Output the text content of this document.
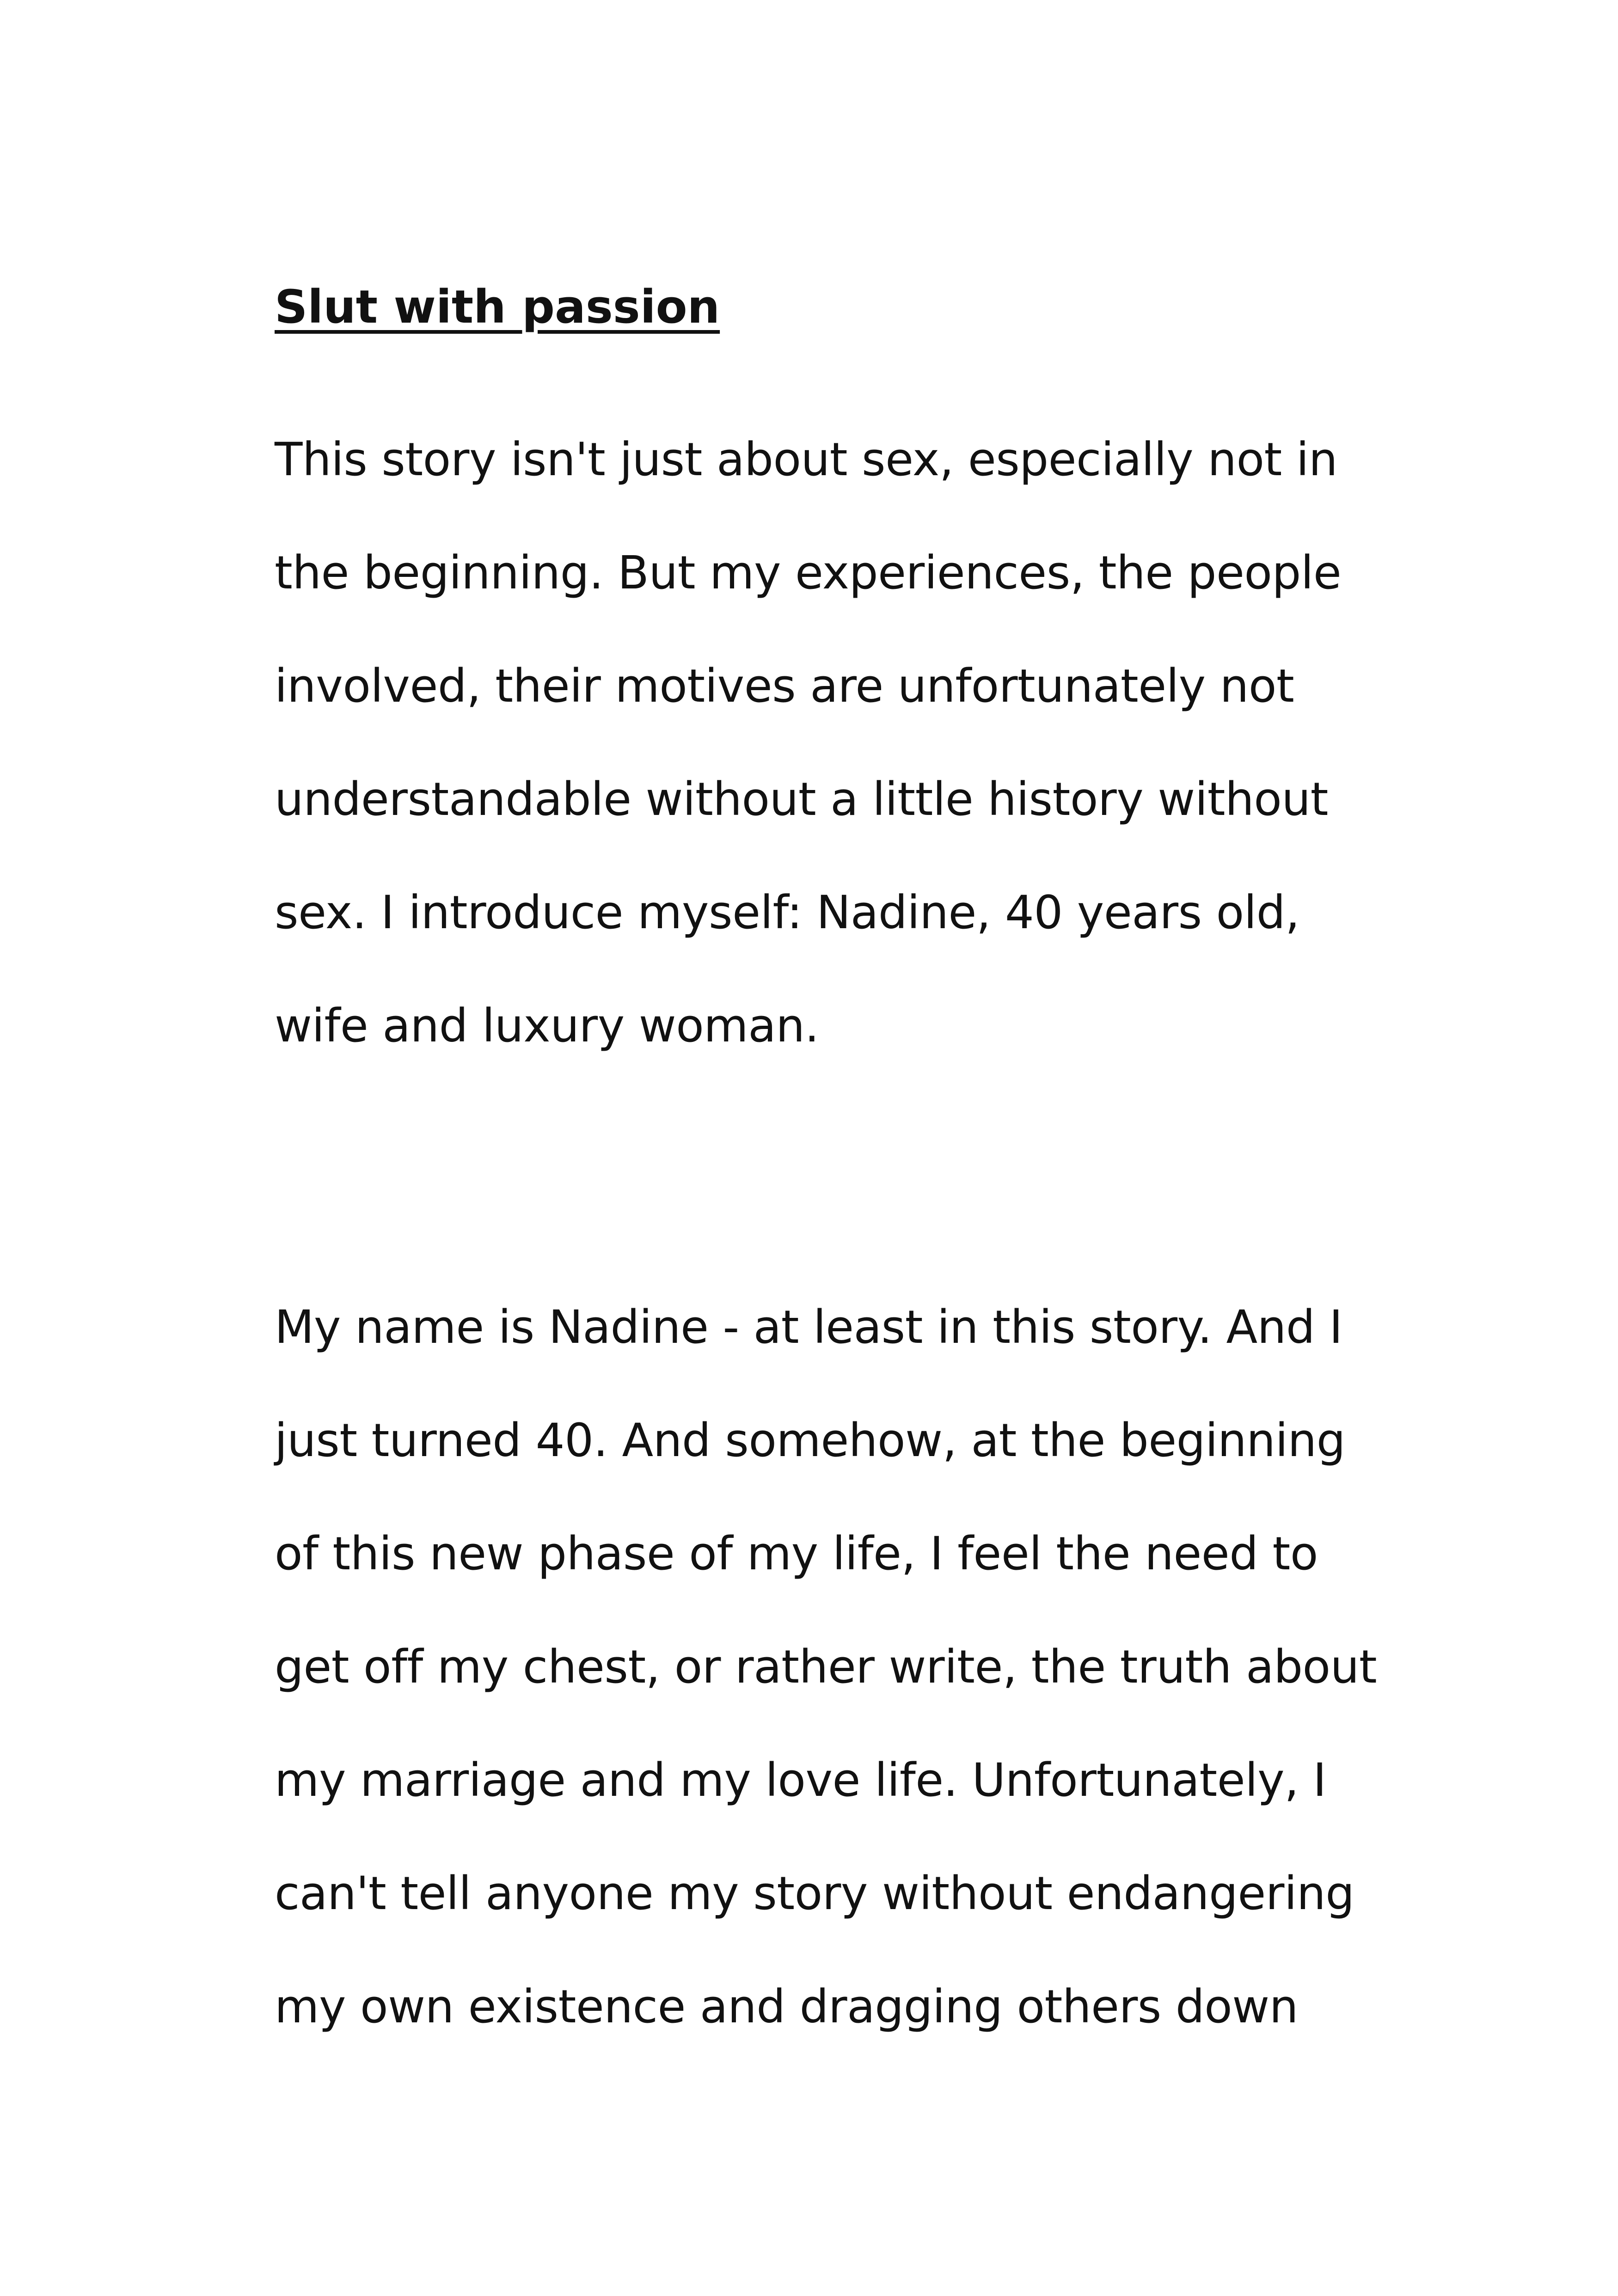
Slut with passion

This story isn't just about sex, especially not in

the beginning. But my experiences, the people

involved, their motives are unfortunately not

understandable without a little history without

sex. I introduce myself: Nadine, 40 years old,

wife and luxury woman.

My name is Nadine - at least in this story. And I

just turned 40. And somehow, at the beginning

of this new phase of my life, I feel the need to

get off my chest, or rather write, the truth about

my marriage and my love life. Unfortunately, I

can't tell anyone my story without endangering

my own existence and dragging others down
